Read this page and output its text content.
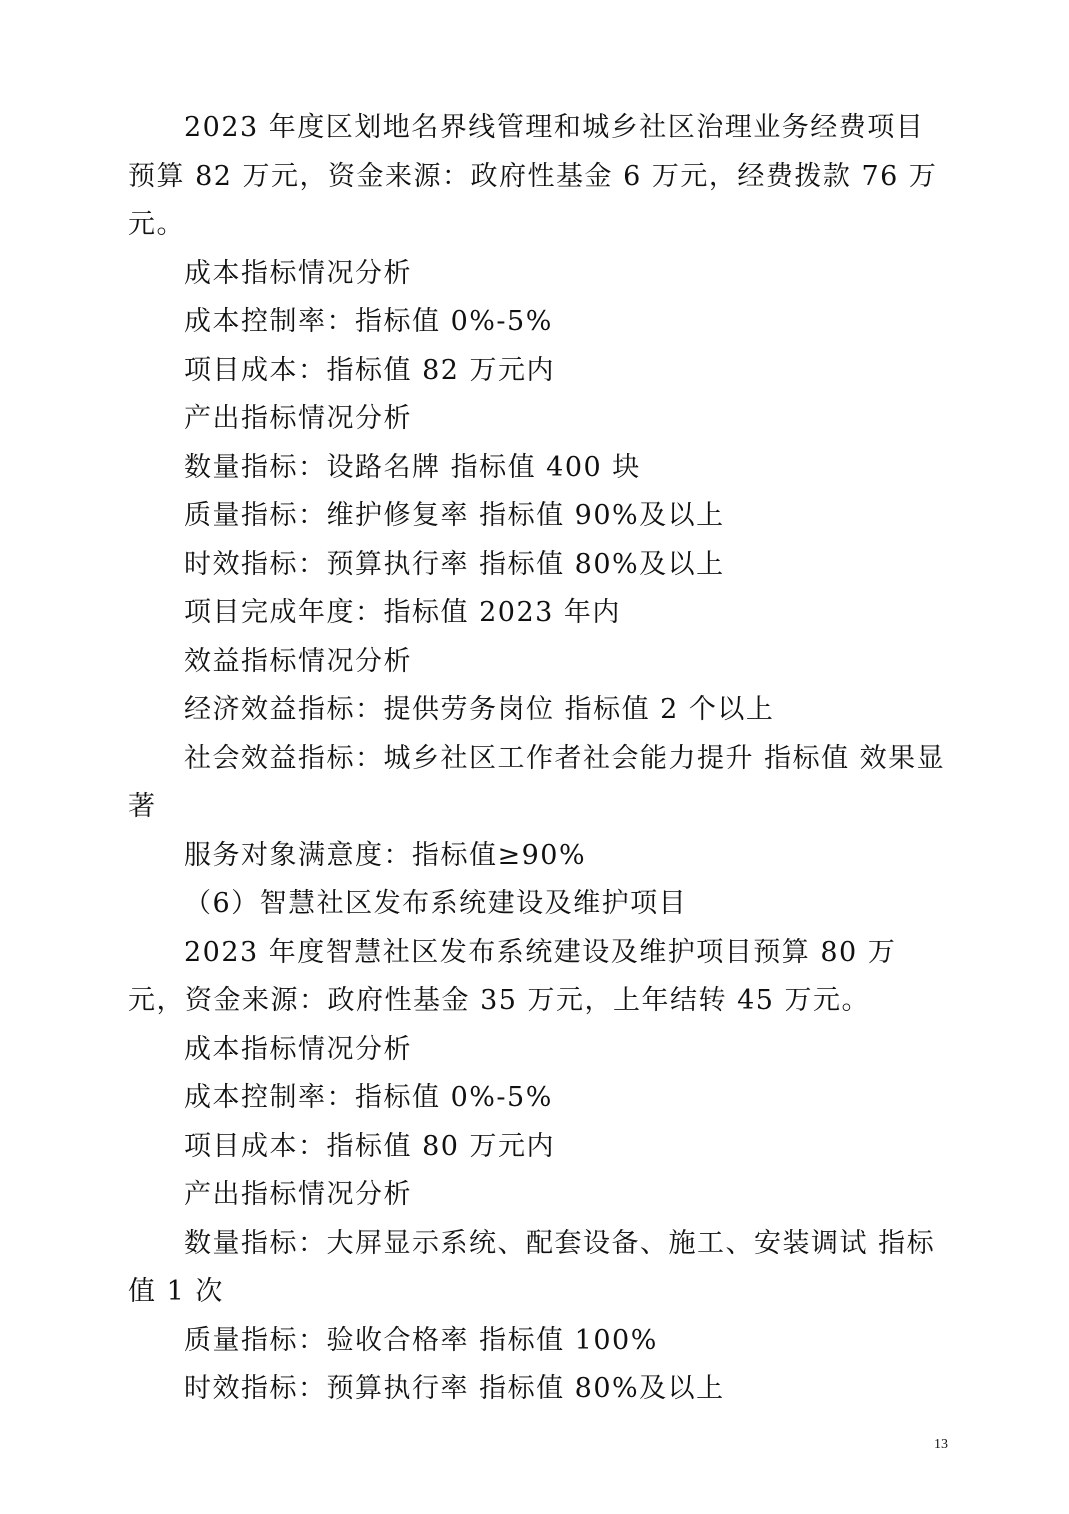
2023 年度区划地名界线管理和城乡社区治理业务经费项目预算 82 万元，资金来源：政府性基金 6 万元，经费拨款 76 万元。

成本指标情况分析

成本控制率：指标值 0%-5%

项目成本：指标值 82 万元内

产出指标情况分析

数量指标：设路名牌 指标值 400 块

质量指标：维护修复率 指标值 90%及以上

时效指标：预算执行率 指标值 80%及以上

项目完成年度：指标值 2023 年内

效益指标情况分析

经济效益指标：提供劳务岗位 指标值 2 个以上

社会效益指标：城乡社区工作者社会能力提升 指标值 效果显著

服务对象满意度：指标值≥90%

（6）智慧社区发布系统建设及维护项目

2023 年度智慧社区发布系统建设及维护项目预算 80 万元，资金来源：政府性基金 35 万元，上年结转 45 万元。

成本指标情况分析

成本控制率：指标值 0%-5%

项目成本：指标值 80 万元内

产出指标情况分析

数量指标：大屏显示系统、配套设备、施工、安装调试 指标值 1 次

质量指标：验收合格率 指标值 100%

时效指标：预算执行率 指标值 80%及以上

13
